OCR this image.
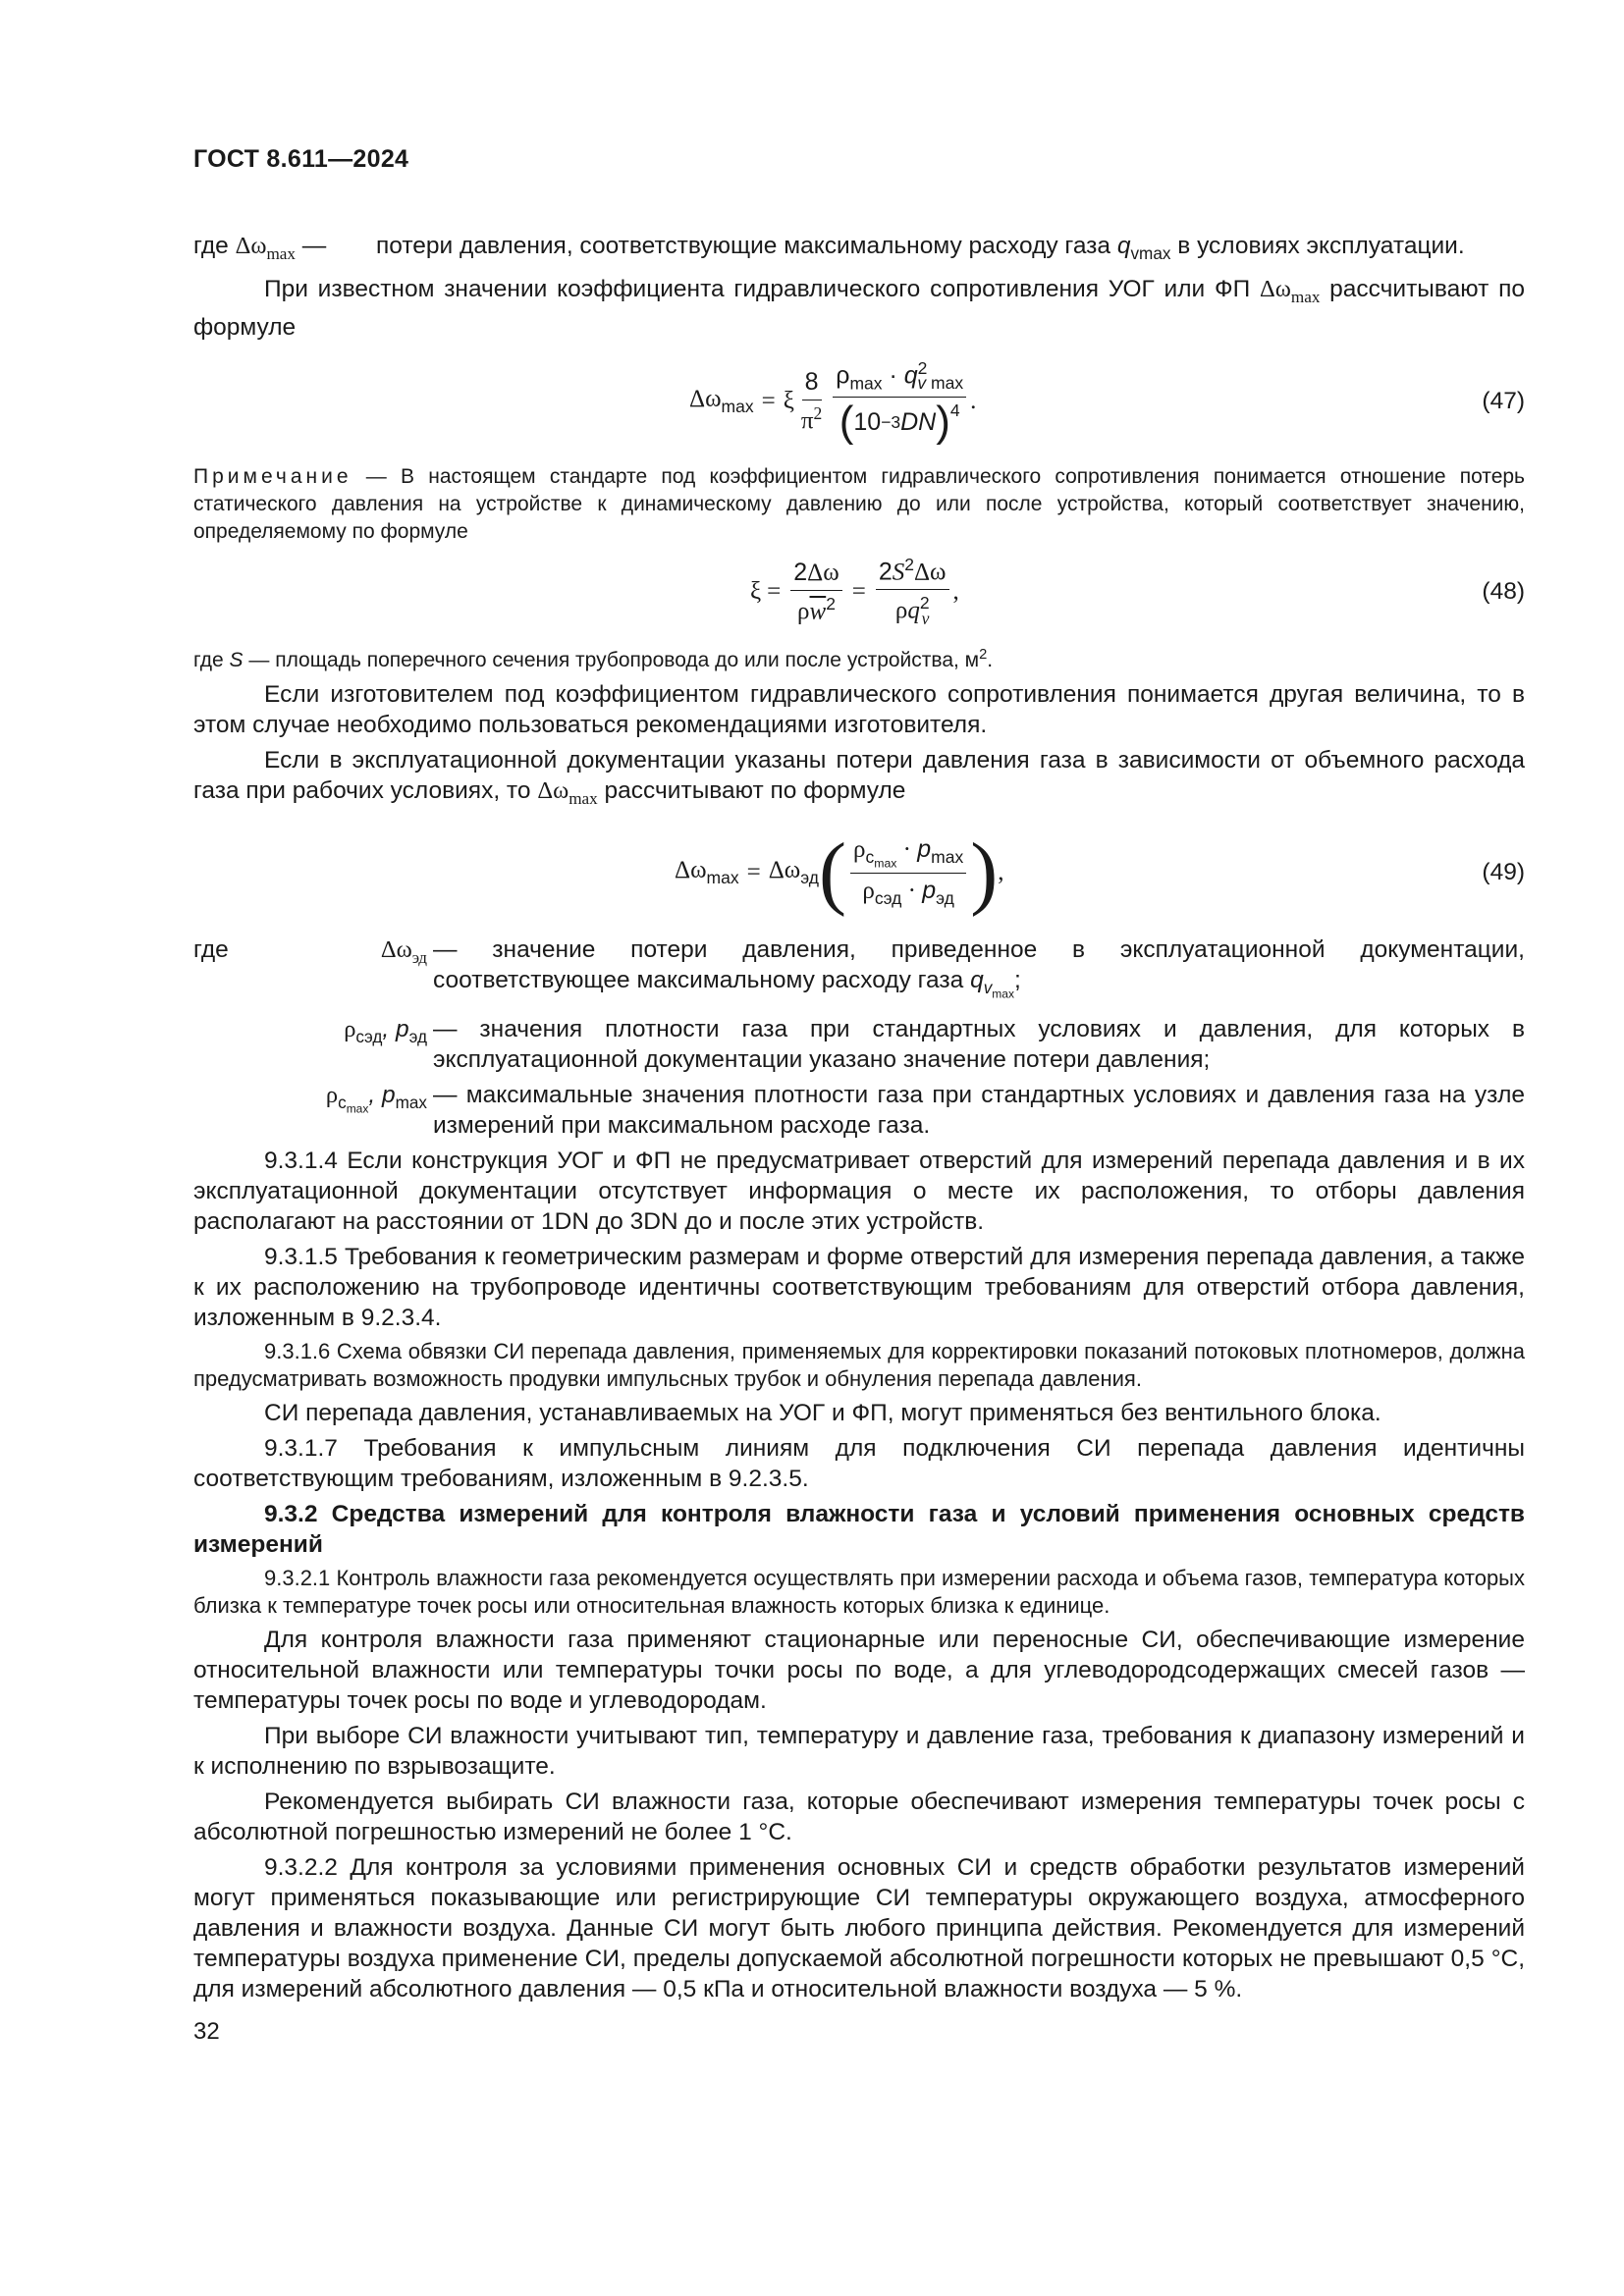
ГОСТ 8.611—2024
где $\Delta\omega_{max}$ —	потери давления, соответствующие максимальному расходу газа $q_{vmax}$ в условиях эксплуатации.

При известном значении коэффициента гидравлического сопротивления УОГ или ФП $\Delta\omega_{max}$ рассчитывают по формуле

$\Delta\omega_{max} = \xi \frac{8}{\pi^2} \frac{\rho_{max} \cdot q^2_{v max}}{( 10 -3 DN )^4}$ .	(47)

Примечание — В настоящем стандарте под коэффициентом гидравлического сопротивления понимается отношение потерь статического давления на устройстве к динамическому давлению до или после устройства, который соответствует значению, определяемому по формуле

$\xi = \frac{2\Delta\omega}{\rho\overline{w}^2} = \frac{2S^2\Delta\omega}{\rho q^2_v}$ ,	(48)

где S — площадь поперечного сечения трубопровода до или после устройства, $м^2$.

Если изготовителем под коэффициентом гидравлического сопротивления понимается другая величина, то в этом случае необходимо пользоваться рекомендациями изготовителя.

Если в эксплуатационной документации указаны потери давления газа в зависимости от объемного расхода газа при рабочих условиях, то $\Delta\omega_{max}$ рассчитывают по формуле

$\Delta\omega_{max} = \Delta\omega_{эд}$ ( $\frac{\rho_{c_{max}} \cdot p_{max}}{\rho_{cэд} \cdot p_{эд}}$ ) ,	(49)
где	$\Delta\omega_{эд}$ — значение потери давления, приведенное в эксплуатационной документации, соответствующее максимальному расходу газа $q_{v_{max}}$;
$\rho_{cэд}$, $p_{эд}$ — значения плотности газа при стандартных условиях и давления, для которых в эксплуатационной документации указано значение потери давления;
$\rho_{c_{max}}$, $p_{max}$ — максимальные значения плотности газа при стандартных условиях и давления газа на узле измерений при максимальном расходе газа.

9.3.1.4 Если конструкция УОГ и ФП не предусматривает отверстий для измерений перепада давления и в их эксплуатационной документации отсутствует информация о месте их расположения, то отборы давления располагают на расстоянии от 1DN до 3DN до и после этих устройств.

9.3.1.5 Требования к геометрическим размерам и форме отверстий для измерения перепада давления, а также к их расположению на трубопроводе идентичны соответствующим требованиям для отверстий отбора давления, изложенным в 9.2.3.4.

9.3.1.6 Схема обвязки СИ перепада давления, применяемых для корректировки показаний потоковых плотномеров, должна предусматривать возможность продувки импульсных трубок и обнуления перепада давления.

СИ перепада давления, устанавливаемых на УОГ и ФП, могут применяться без вентильного блока.

9.3.1.7 Требования к импульсным линиям для подключения СИ перепада давления идентичны соответствующим требованиям, изложенным в 9.2.3.5.

9.3.2 Средства измерений для контроля влажности газа и условий применения основных средств измерений

9.3.2.1 Контроль влажности газа рекомендуется осуществлять при измерении расхода и объема газов, температура которых близка к температуре точек росы или относительная влажность которых близка к единице.

Для контроля влажности газа применяют стационарные или переносные СИ, обеспечивающие измерение относительной влажности или температуры точки росы по воде, а для углеводородсодержащих смесей газов — температуры точек росы по воде и углеводородам.

При выборе СИ влажности учитывают тип, температуру и давление газа, требования к диапазону измерений и к исполнению по взрывозащите.

Рекомендуется выбирать СИ влажности газа, которые обеспечивают измерения температуры точек росы с абсолютной погрешностью измерений не более 1 °С.

9.3.2.2 Для контроля за условиями применения основных СИ и средств обработки результатов измерений могут применяться показывающие или регистрирующие СИ температуры окружающего воздуха, атмосферного давления и влажности воздуха. Данные СИ могут быть любого принципа действия. Рекомендуется для измерений температуры воздуха применение СИ, пределы допускаемой абсолютной погрешности которых не превышают 0,5 °С, для измерений абсолютного давления — 0,5 кПа и относительной влажности воздуха — 5 %.

32
